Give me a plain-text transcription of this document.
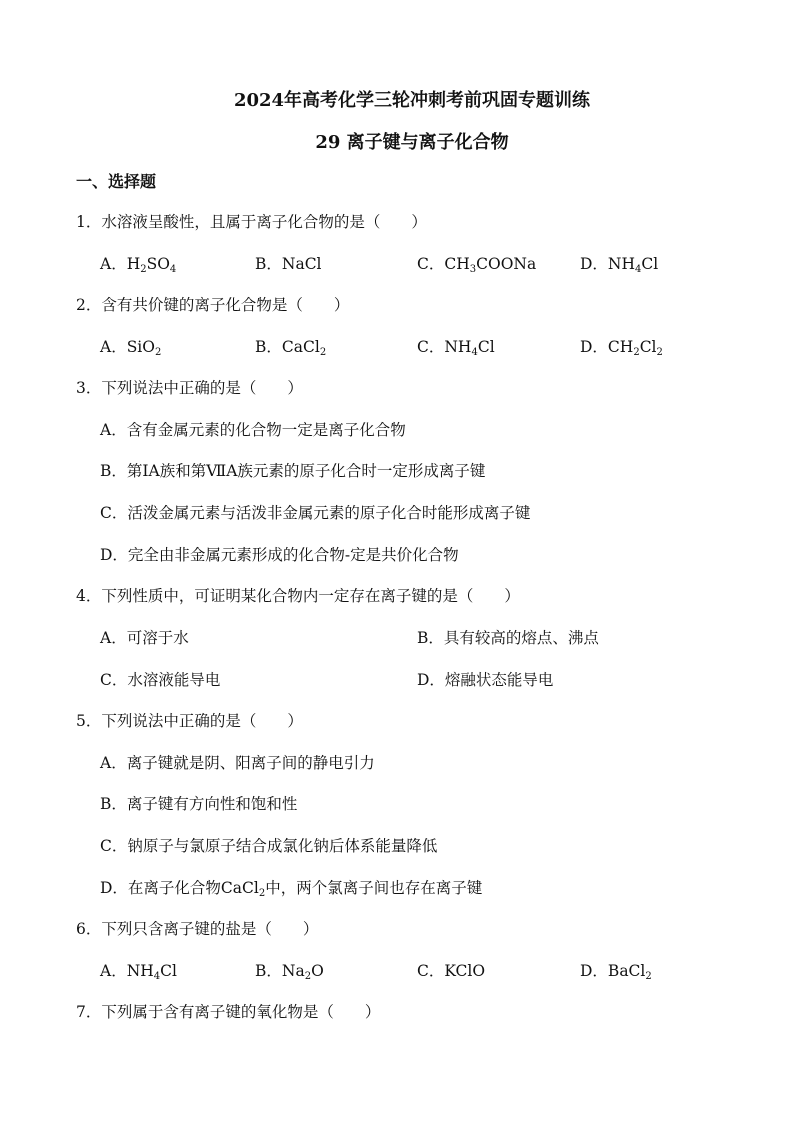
2024年高考化学三轮冲刺考前巩固专题训练
29 离子键与离子化合物
一、选择题
1．水溶液呈酸性，且属于离子化合物的是（　　）
A．$H_2SO_4$	B．NaCl	C．$CH_3COONa$	D．$NH_4Cl$
2．含有共价键的离子化合物是（　　）
A．SiO$_2$	B．CaCl$_2$	C．$NH_4Cl$	D．$CH_2Cl_2$
3．下列说法中正确的是（　　）
A．含有金属元素的化合物一定是离子化合物
B．第ⅠA族和第ⅦA族元素的原子化合时一定形成离子键
C．活泼金属元素与活泼非金属元素的原子化合时能形成离子键
D．完全由非金属元素形成的化合物-定是共价化合物
4．下列性质中，可证明某化合物内一定存在离子键的是（　　）
A．可溶于水	B．具有较高的熔点、沸点
C．水溶液能导电	D．熔融状态能导电
5．下列说法中正确的是（　　）
A．离子键就是阴、阳离子间的静电引力
B．离子键有方向性和饱和性
C．钠原子与氯原子结合成氯化钠后体系能量降低
D．在离子化合物CaCl$_2$中，两个氯离子间也存在离子键
6．下列只含离子键的盐是（　　）
A．$NH_4Cl$	B．$Na_2O$	C．KClO	D．BaCl$_2$
7．下列属于含有离子键的氧化物是（　　）
